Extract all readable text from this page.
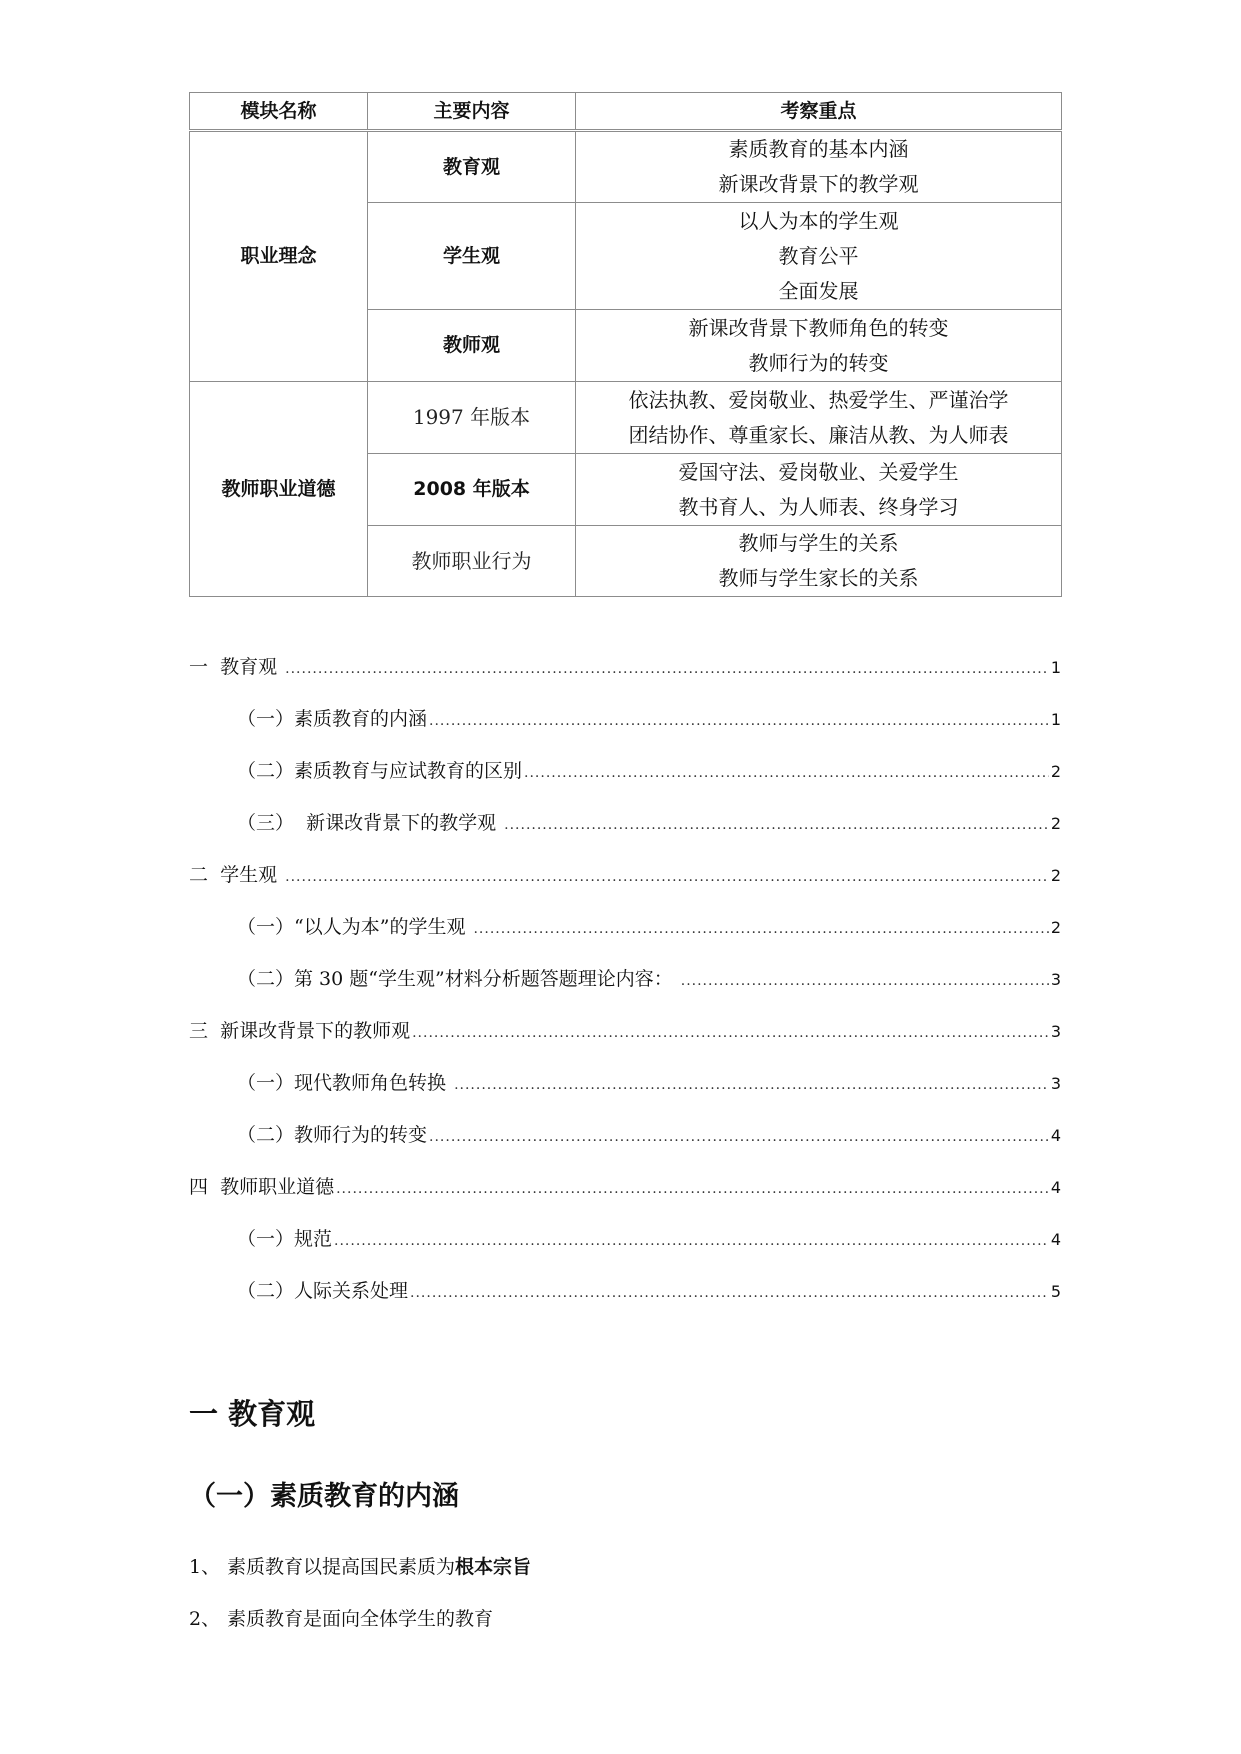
模块名称	主要内容	考察重点
职业理念	教育观	素质教育的基本内涵
新课改背景下的教学观

	学生观	以人为本的学生观
教育公平
全面发展

	教师观	新课改背景下教师角色的转变
教师行为的转变

教师职业道德	1997 年版本	依法执教、爱岗敬业、热爱学生、严谨治学
团结协作、尊重家长、廉洁从教、为人师表

	2008 年版本	爱国守法、爱岗敬业、关爱学生
教书育人、为人师表、终身学习

	教师职业行为	教师与学生的关系
教师与学生家长的关系
一 教育观 .....	1
（一） 素质教育的内涵 .....	1
（二） 素质教育与应试教育的区别 .....	2
（三） 新课改背景下的教学观 .....	2
二 学生观 .....	2
（一） “以人为本”的学生观 .....	2
（二） 第 30 题“学生观”材料分析题答题理论内容： .....	3
三 新课改背景下的教师观 .....	3
（一） 现代教师角色转换 .....	3
（二） 教师行为的转变 .....	4
四 教师职业道德 .....	4
（一） 规范 .....	4
（二） 人际关系处理 .....	5
一 教育观
（一）素质教育的内涵
1、 素质教育以提高国民素质为根本宗旨
2、 素质教育是面向全体学生的教育
